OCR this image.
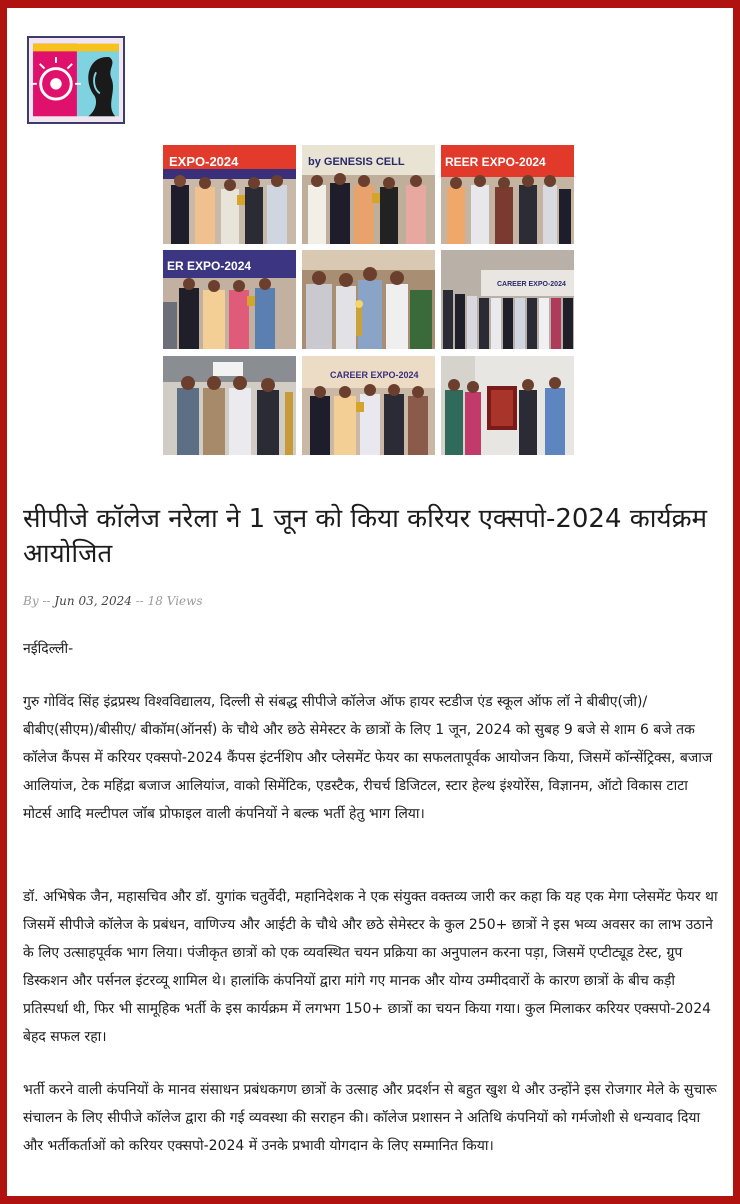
EXPO-2024	by GENESIS CELL	REER EXPO-2024
ER EXPO-2024
CAREER EXPO-2024
CAREER EXPO-2024
सीपीजे कॉलेज नरेला ने 1 जून को किया करियर एक्सपो-2024 कार्यक्रम आयोजित
By -- Jun 03, 2024 -- 18 Views

नईदिल्ली-

गुरु गोविंद सिंह इंद्रप्रस्थ विश्वविद्यालय, दिल्ली से संबद्ध सीपीजे कॉलेज ऑफ हायर स्टडीज एंड स्कूल ऑफ लॉ ने बीबीए(जी)/बीबीए(सीएम)/बीसीए/ बीकॉम(ऑनर्स) के चौथे और छठे सेमेस्टर के छात्रों के लिए 1 जून, 2024 को सुबह 9 बजे से शाम 6 बजे तक कॉलेज कैंपस में करियर एक्सपो-2024 कैंपस इंटर्नशिप और प्लेसमेंट फेयर का सफलतापूर्वक आयोजन किया, जिसमें कॉन्सेंट्रिक्स, बजाज आलियांज, टेक महिंद्रा बजाज आलियांज, वाको सिमेंटिक, एडस्टैक, रीचर्च डिजिटल, स्टार हेल्थ इंश्योरेंस, विज्ञानम, ऑटो विकास टाटा मोटर्स आदि मल्टीपल जॉब प्रोफाइल वाली कंपनियों ने बल्क भर्ती हेतु भाग लिया।

डॉ. अभिषेक जैन, महासचिव और डॉ. युगांक चतुर्वेदी, महानिदेशक ने एक संयुक्त वक्तव्य जारी कर कहा कि यह एक मेगा प्लेसमेंट फेयर था जिसमें सीपीजे कॉलेज के प्रबंधन, वाणिज्य और आईटी के चौथे और छठे सेमेस्टर के कुल 250+ छात्रों ने इस भव्य अवसर का लाभ उठाने के लिए उत्साहपूर्वक भाग लिया। पंजीकृत छात्रों को एक व्यवस्थित चयन प्रक्रिया का अनुपालन करना पड़ा, जिसमें एप्टीट्यूड टेस्ट, ग्रुप डिस्कशन और पर्सनल इंटरव्यू शामिल थे। हालांकि कंपनियों द्वारा मांगे गए मानक और योग्य उम्मीदवारों के कारण छात्रों के बीच कड़ी प्रतिस्पर्धा थी, फिर भी सामूहिक भर्ती के इस कार्यक्रम में लगभग 150+ छात्रों का चयन किया गया। कुल मिलाकर करियर एक्सपो-2024 बेहद सफल रहा।

भर्ती करने वाली कंपनियों के मानव संसाधन प्रबंधकगण छात्रों के उत्साह और प्रदर्शन से बहुत खुश थे और उन्होंने इस रोजगार मेले के सुचारू संचालन के लिए सीपीजे कॉलेज द्वारा की गई व्यवस्था की सराहन की। कॉलेज प्रशासन ने अतिथि कंपनियों को गर्मजोशी से धन्यवाद दिया और भर्तीकर्ताओं को करियर एक्सपो-2024 में उनके प्रभावी योगदान के लिए सम्मानित किया।
